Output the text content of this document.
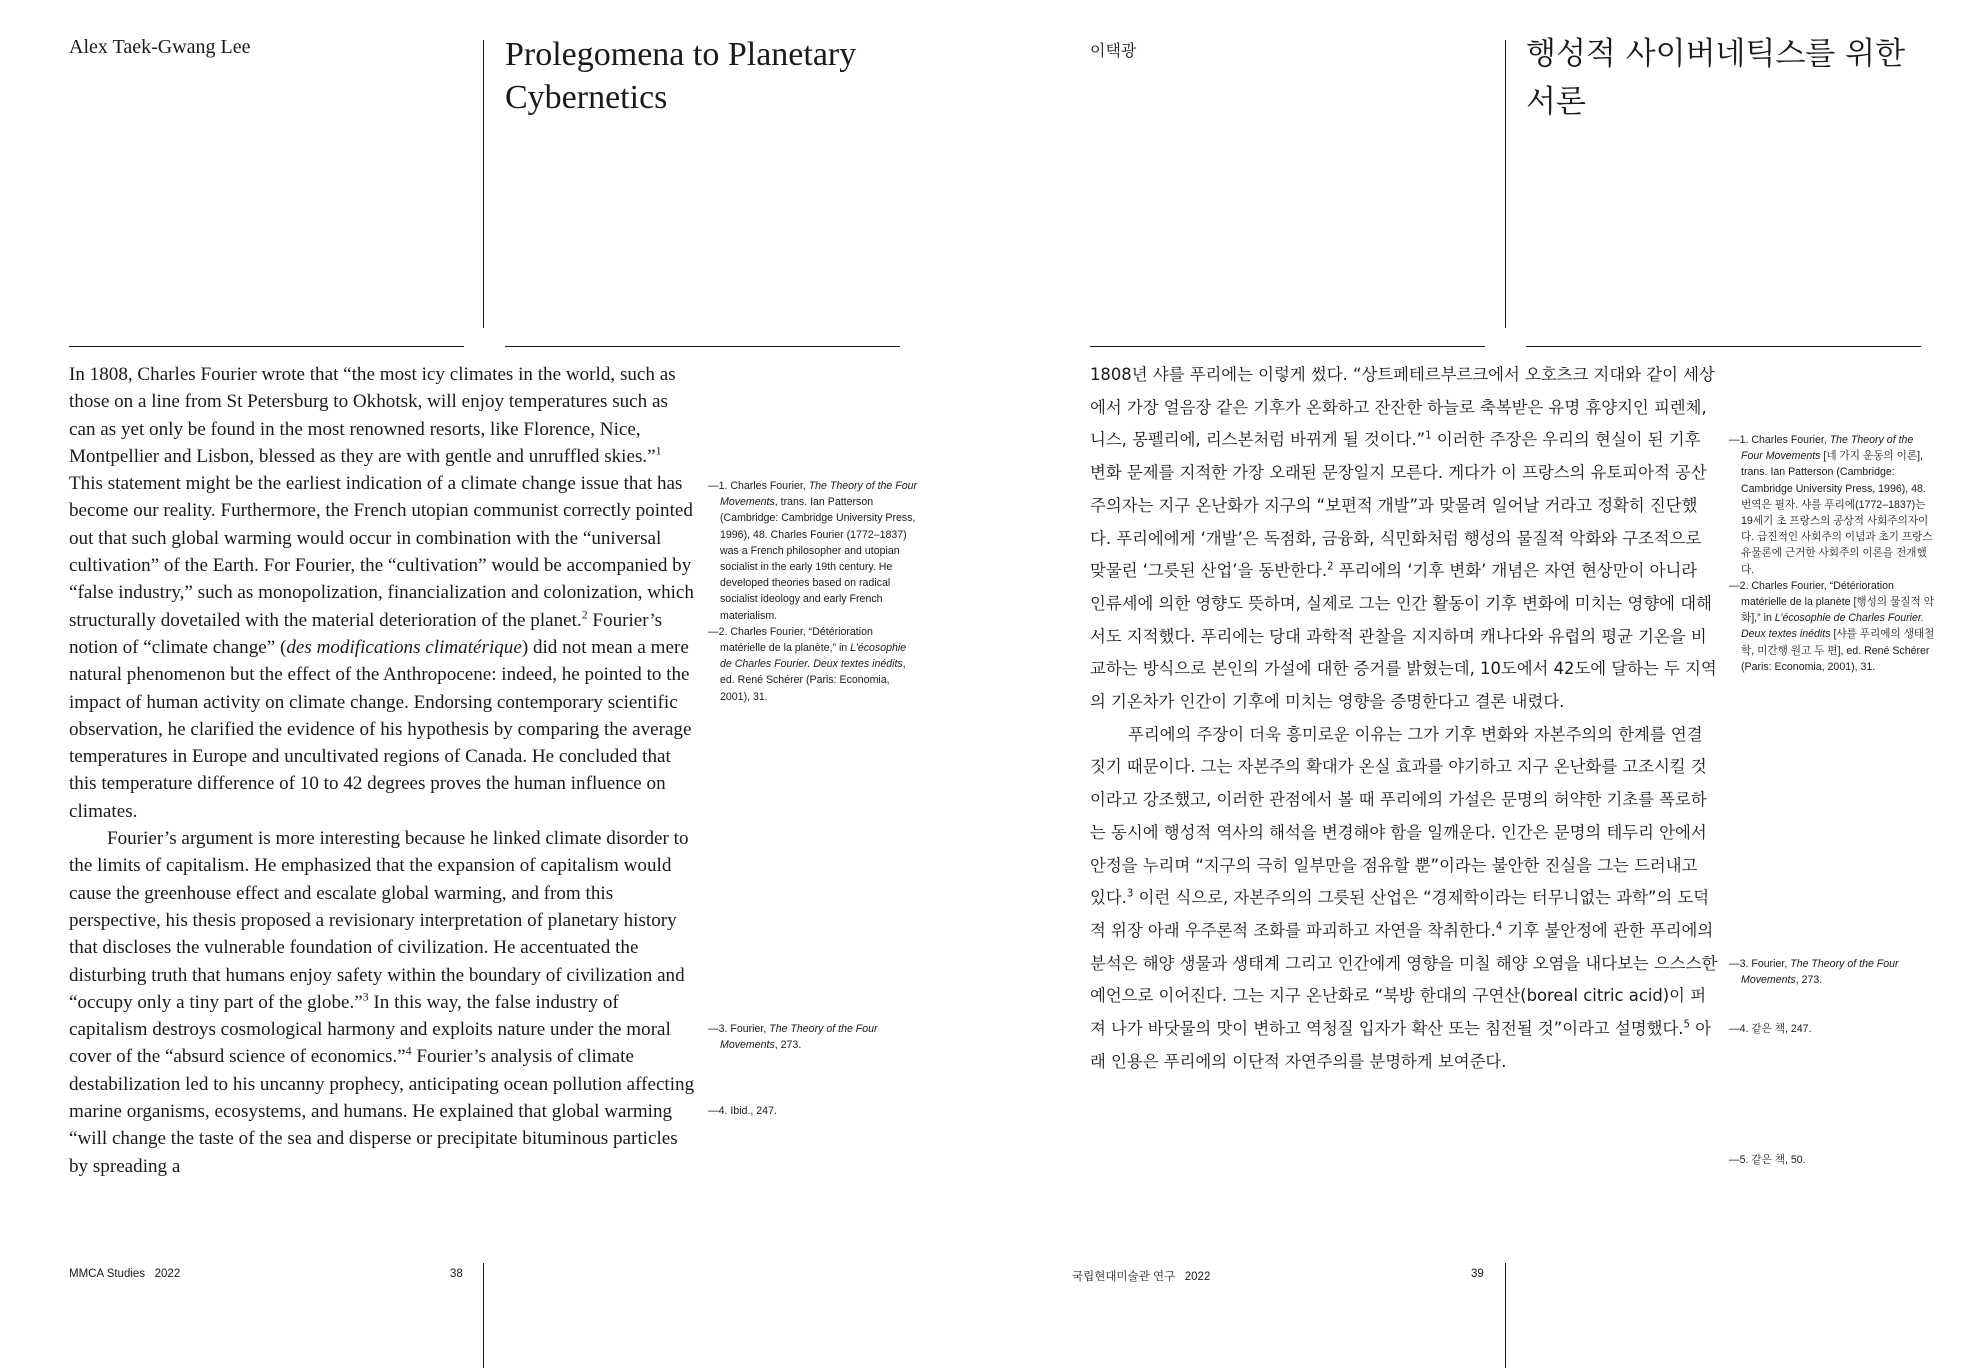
Alex Taek-Gwang Lee	Prolegomena to Planetary
Cybernetics

In 1808, Charles Fourier wrote that “the most icy climates in the world, such as those on a line from St Petersburg to Okhotsk, will enjoy temperatures such as can as yet only be found in the most renowned resorts, like Florence, Nice, Montpellier and Lisbon, blessed as they are with gentle and unruffled skies.”$^1$ This statement might be the earliest indication of a climate change issue that has become our reality. Furthermore, the French utopian communist correctly pointed out that such global warming would occur in combination with the “universal cultivation” of the Earth. For Fourier, the “cultivation” would be accompanied by “false industry,” such as monopolization, financialization and colonization, which structurally dovetailed with the material deterioration of the planet.$^2$ Fourier’s notion of “climate change” (des modifications climatérique) did not mean a mere natural phenomenon but the effect of the Anthropocene: indeed, he pointed to the impact of human activity on climate change. Endorsing contemporary scientific observation, he clarified the evidence of his hypothesis by comparing the average temperatures in Europe and uncultivated regions of Canada. He concluded that this temperature difference of 10 to 42 degrees proves the human influence on climates.

Fourier’s argument is more interesting because he linked climate disorder to the limits of capitalism. He emphasized that the expansion of capitalism would cause the greenhouse effect and escalate global warming, and from this perspective, his thesis proposed a revisionary interpretation of planetary history that discloses the vulnerable foundation of civilization. He accentuated the disturbing truth that humans enjoy safety within the boundary of civilization and “occupy only a tiny part of the globe.”$^3$ In this way, the false industry of capitalism destroys cosmological harmony and exploits nature under the moral cover of the “absurd science of economics.”$^4$ Fourier’s analysis of climate destabilization led to his uncanny prophecy, anticipating ocean pollution affecting marine organisms, ecosystems, and humans. He explained that global warming “will change the taste of the sea and disperse or precipitate bituminous particles by spreading a

—1. Charles Fourier, The Theory of the Four Movements, trans. Ian Patterson (Cambridge: Cambridge University Press, 1996), 48. Charles Fourier (1772–1837) was a French philosopher and utopian socialist in the early 19th century. He developed theories based on radical socialist ideology and early French materialism.

—2. Charles Fourier, “Détérioration matérielle de la planète,” in L’écosophie de Charles Fourier. Deux textes inédits, ed. René Schérer (Paris: Economia, 2001), 31.

—3. Fourier, The Theory of the Four Movements, 273.

—4. Ibid., 247.

MMCA Studies   2022	38
이택광	행성적 사이버네틱스를 위한
서론

1808년 샤를 푸리에는 이렇게 썼다. “상트페테르부르크에서 오호츠크 지대와 같이 세상에서 가장 얼음장 같은 기후가 온화하고 잔잔한 하늘로 축복받은 유명 휴양지인 피렌체, 니스, 몽펠리에, 리스본처럼 바뀌게 될 것이다.”$^1$ 이러한 주장은 우리의 현실이 된 기후 변화 문제를 지적한 가장 오래된 문장일지 모른다. 게다가 이 프랑스의 유토피아적 공산주의자는 지구 온난화가 지구의 “보편적 개발”과 맞물려 일어날 거라고 정확히 진단했다. 푸리에에게 ‘개발’은 독점화, 금융화, 식민화처럼 행성의 물질적 악화와 구조적으로 맞물린 ‘그릇된 산업’을 동반한다.$^2$ 푸리에의 ‘기후 변화’ 개념은 자연 현상만이 아니라 인류세에 의한 영향도 뜻하며, 실제로 그는 인간 활동이 기후 변화에 미치는 영향에 대해서도 지적했다. 푸리에는 당대 과학적 관찰을 지지하며 캐나다와 유럽의 평균 기온을 비교하는 방식으로 본인의 가설에 대한 증거를 밝혔는데, 10도에서 42도에 달하는 두 지역의 기온차가 인간이 기후에 미치는 영향을 증명한다고 결론 내렸다.

푸리에의 주장이 더욱 흥미로운 이유는 그가 기후 변화와 자본주의의 한계를 연결짓기 때문이다. 그는 자본주의 확대가 온실 효과를 야기하고 지구 온난화를 고조시킬 것이라고 강조했고, 이러한 관점에서 볼 때 푸리에의 가설은 문명의 허약한 기초를 폭로하는 동시에 행성적 역사의 해석을 변경해야 함을 일깨운다. 인간은 문명의 테두리 안에서 안정을 누리며 “지구의 극히 일부만을 점유할 뿐”이라는 불안한 진실을 그는 드러내고 있다.$^3$ 이런 식으로, 자본주의의 그릇된 산업은 “경제학이라는 터무니없는 과학”의 도덕적 위장 아래 우주론적 조화를 파괴하고 자연을 착취한다.$^4$ 기후 불안정에 관한 푸리에의 분석은 해양 생물과 생태계 그리고 인간에게 영향을 미칠 해양 오염을 내다보는 으스스한 예언으로 이어진다. 그는 지구 온난화로 “북방 한대의 구연산(boreal citric acid)이 퍼져 나가 바닷물의 맛이 변하고 역청질 입자가 확산 또는 침전될 것”이라고 설명했다.$^5$ 아래 인용은 푸리에의 이단적 자연주의를 분명하게 보여준다.

—1. Charles Fourier, The Theory of the Four Movements [네 가지 운동의 이론], trans. Ian Patterson (Cambridge: Cambridge University Press, 1996), 48. 번역은 필자. 샤를 푸리에(1772–1837)는 19세기 초 프랑스의 공상적 사회주의자이다. 급진적인 사회주의 이념과 초기 프랑스 유물론에 근거한 사회주의 이론을 전개했다.

—2. Charles Fourier, “Détérioration matérielle de la planète [행성의 물질적 악화],” in L’écosophie de Charles Fourier. Deux textes inédits [샤를 푸리에의 생태철학, 미간행 원고 두 편], ed. René Schérer (Paris: Economia, 2001), 31.

—3. Fourier, The Theory of the Four Movements, 273.

—4. 같은 책, 247.

—5. 같은 책, 50.

국립현대미술관 연구   2022	39
